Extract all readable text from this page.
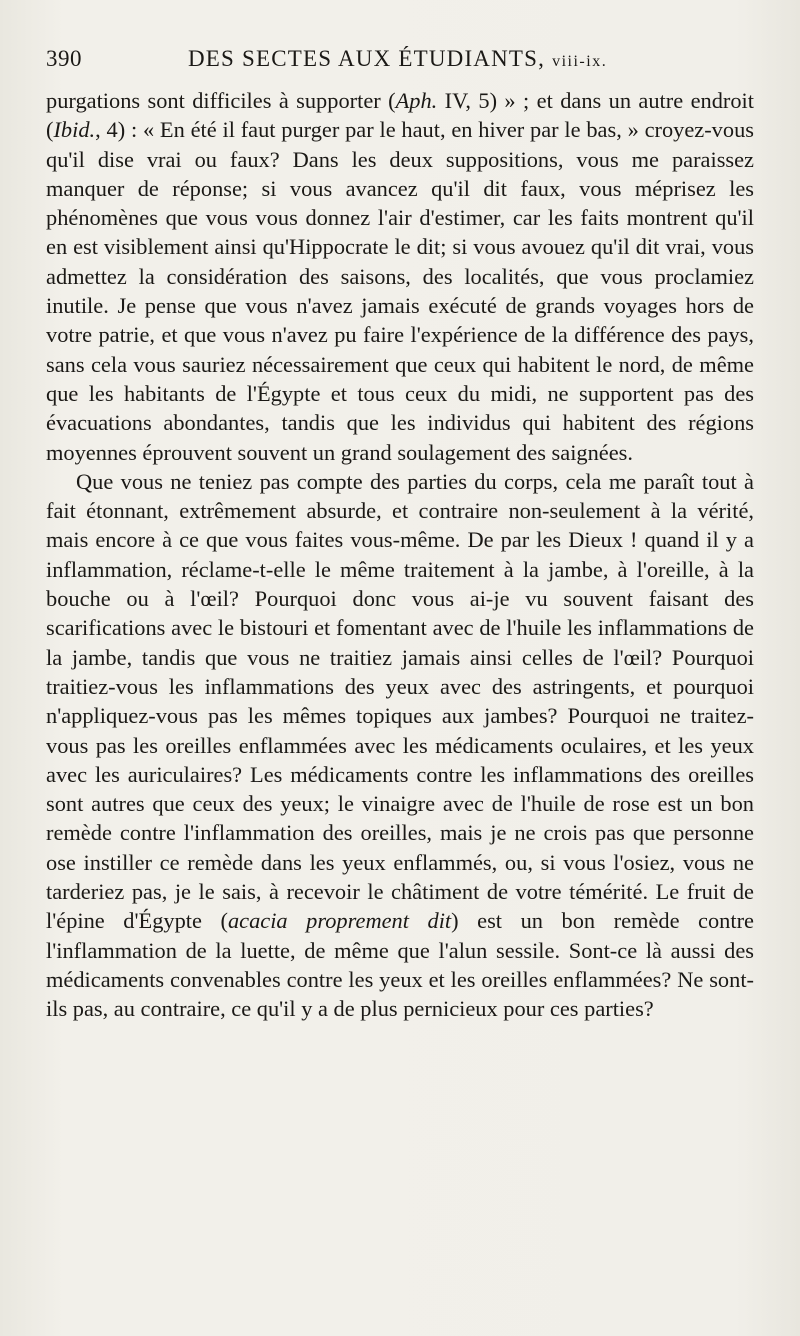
390	DES SECTES AUX ÉTUDIANTS, viii-ix.

purgations sont difficiles à supporter (Aph. IV, 5) » ; et dans un autre endroit (Ibid., 4) : « En été il faut purger par le haut, en hiver par le bas, » croyez-vous qu'il dise vrai ou faux? Dans les deux suppositions, vous me paraissez manquer de réponse; si vous avancez qu'il dit faux, vous méprisez les phénomènes que vous vous donnez l'air d'estimer, car les faits montrent qu'il en est visiblement ainsi qu'Hippocrate le dit; si vous avouez qu'il dit vrai, vous admettez la considération des saisons, des localités, que vous proclamiez inutile. Je pense que vous n'avez jamais exécuté de grands voyages hors de votre patrie, et que vous n'avez pu faire l'expérience de la différence des pays, sans cela vous sauriez nécessairement que ceux qui habitent le nord, de même que les habitants de l'Égypte et tous ceux du midi, ne supportent pas des évacuations abondantes, tandis que les individus qui habitent des régions moyennes éprouvent souvent un grand soulagement des saignées.

Que vous ne teniez pas compte des parties du corps, cela me paraît tout à fait étonnant, extrêmement absurde, et contraire non-seulement à la vérité, mais encore à ce que vous faites vous-même. De par les Dieux ! quand il y a inflammation, réclame-t-elle le même traitement à la jambe, à l'oreille, à la bouche ou à l'œil? Pourquoi donc vous ai-je vu souvent faisant des scarifications avec le bistouri et fomentant avec de l'huile les inflammations de la jambe, tandis que vous ne traitiez jamais ainsi celles de l'œil? Pourquoi traitiez-vous les inflammations des yeux avec des astringents, et pourquoi n'appliquez-vous pas les mêmes topiques aux jambes? Pourquoi ne traitez-vous pas les oreilles enflammées avec les médicaments oculaires, et les yeux avec les auriculaires? Les médicaments contre les inflammations des oreilles sont autres que ceux des yeux; le vinaigre avec de l'huile de rose est un bon remède contre l'inflammation des oreilles, mais je ne crois pas que personne ose instiller ce remède dans les yeux enflammés, ou, si vous l'osiez, vous ne tarderiez pas, je le sais, à recevoir le châtiment de votre témérité. Le fruit de l'épine d'Égypte (acacia proprement dit) est un bon remède contre l'inflammation de la luette, de même que l'alun sessile. Sont-ce là aussi des médicaments convenables contre les yeux et les oreilles enflammées? Ne sont-ils pas, au contraire, ce qu'il y a de plus pernicieux pour ces parties?
